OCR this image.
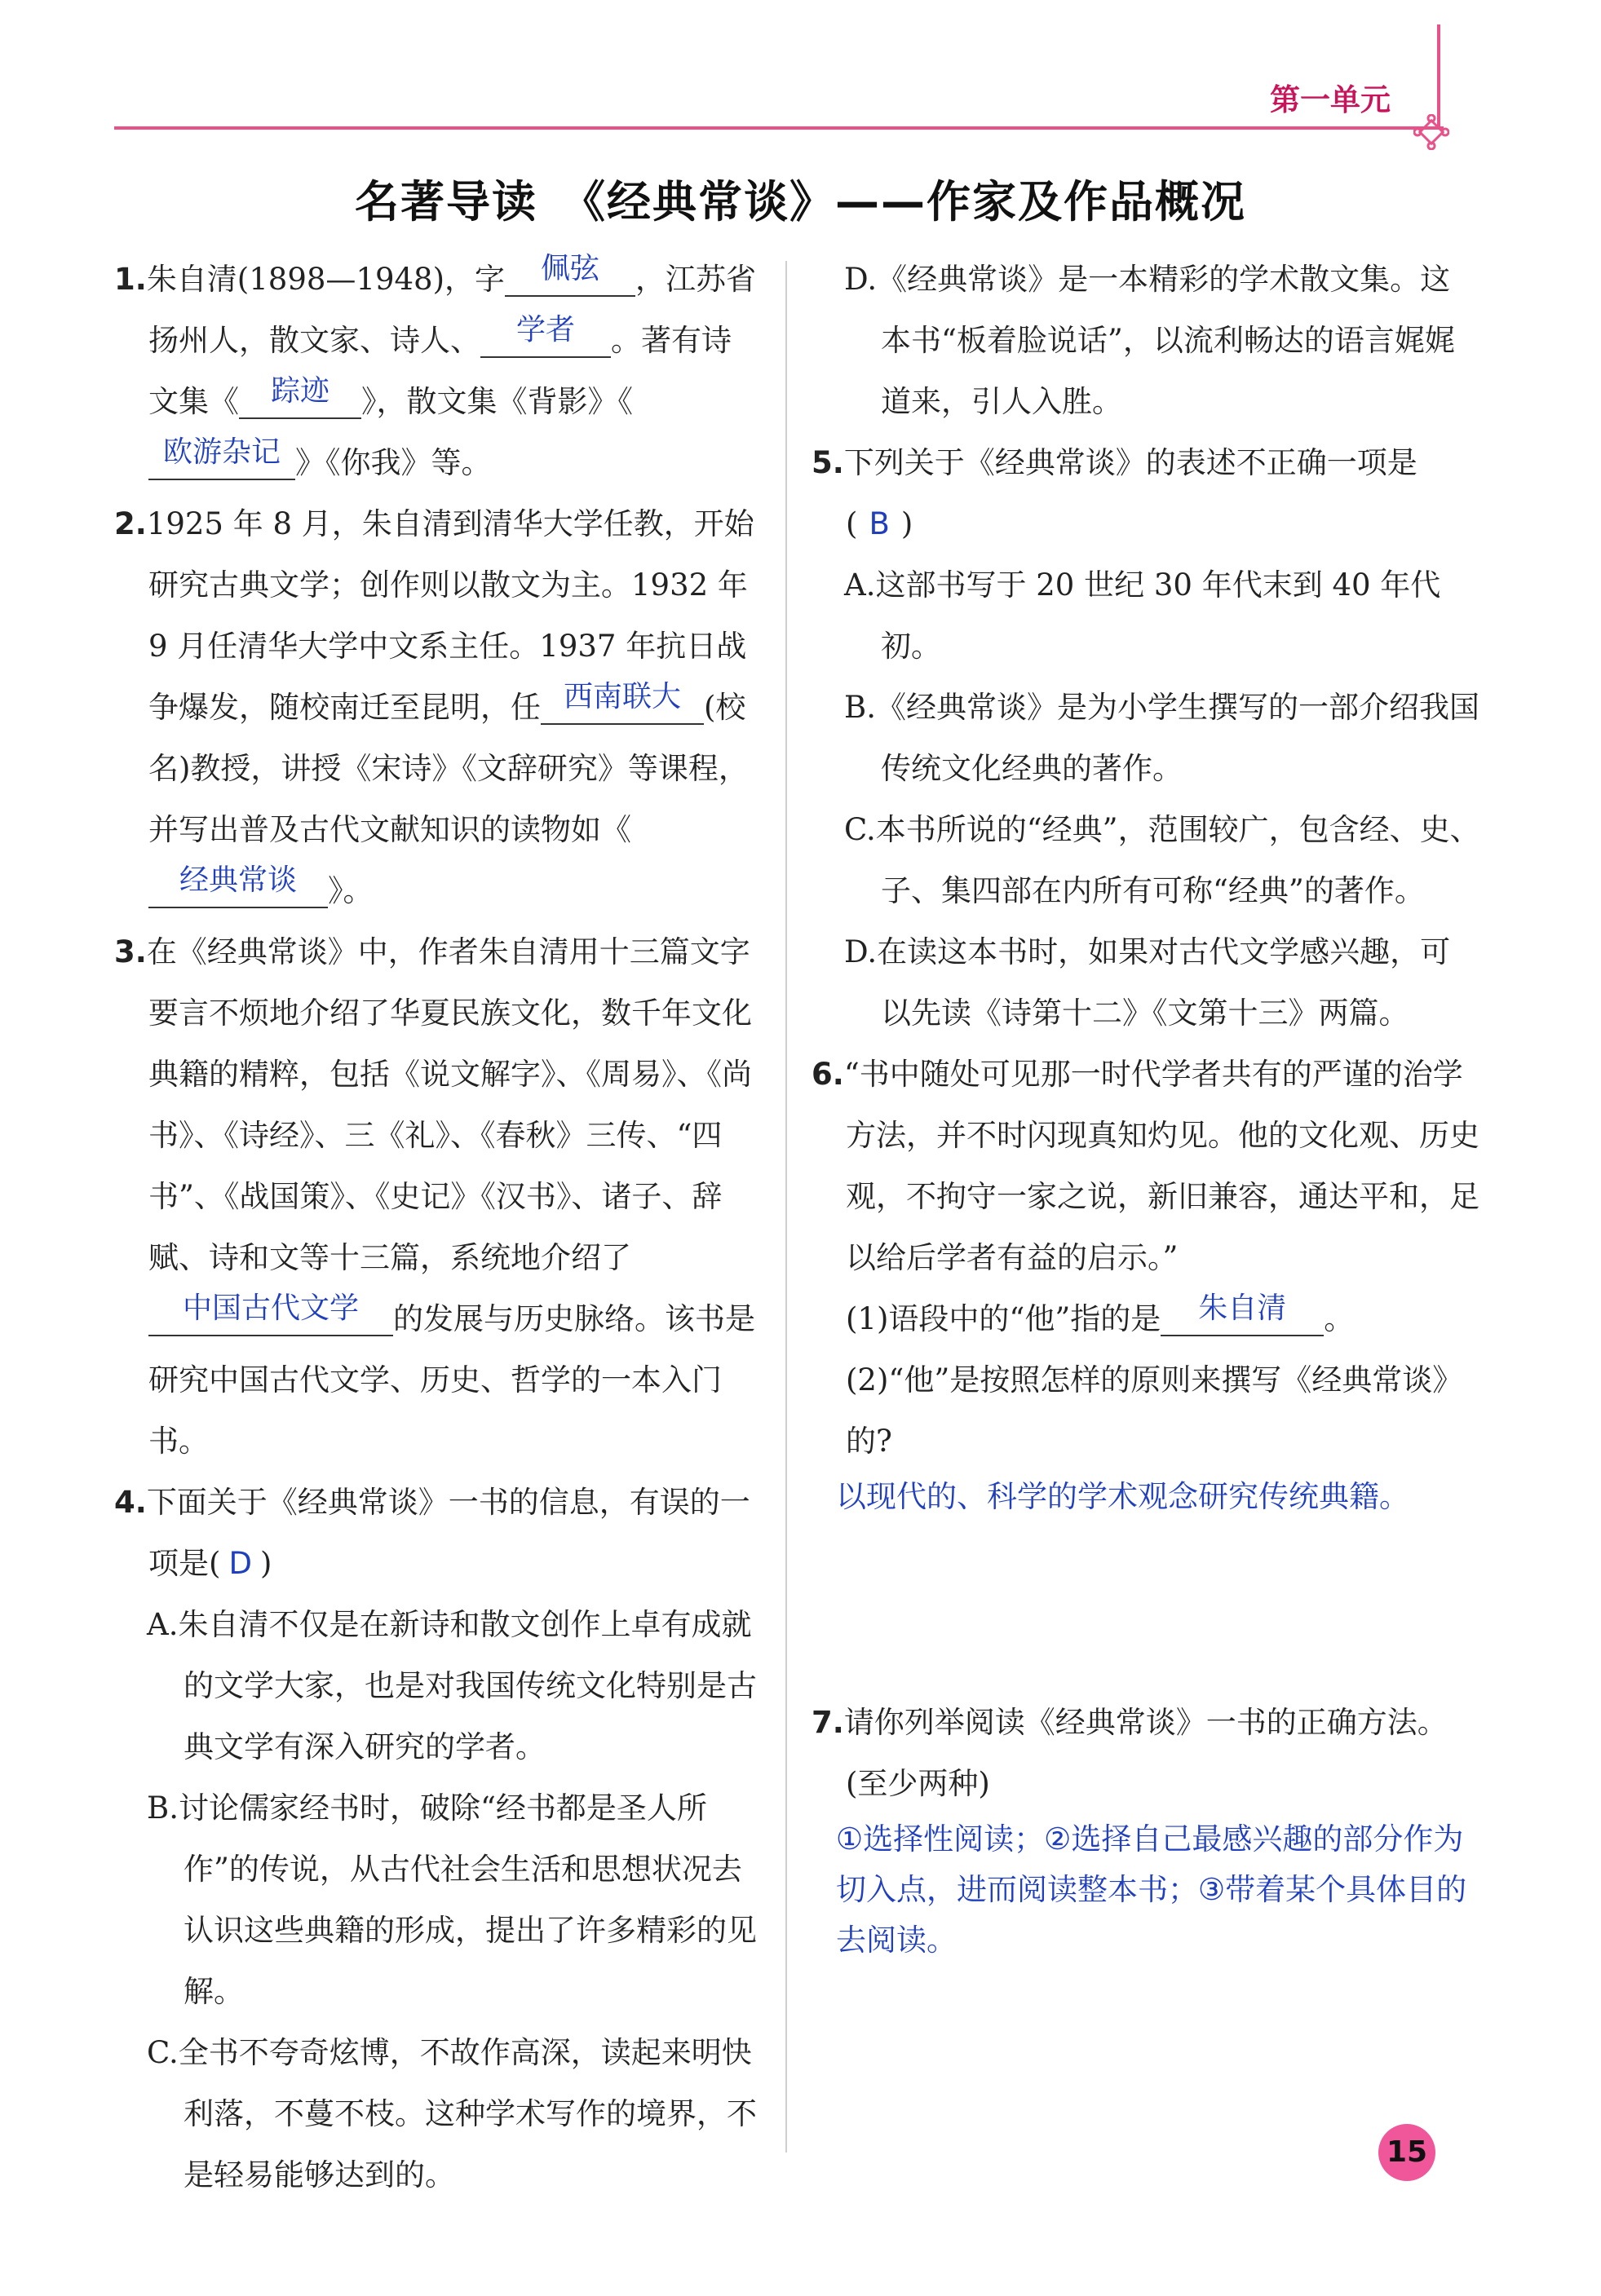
第一单元
名著导读　《经典常谈》——作家及作品概况

1.朱自清(1898—1948)，字 佩弦 ，江苏省扬州人，散文家、诗人、 学者 。著有诗文集《 踪迹 》，散文集《背影》《欧游杂记 》《你我》等。

2.1925 年 8 月，朱自清到清华大学任教，开始研究古典文学；创作则以散文为主。1932 年 9 月任清华大学中文系主任。1937 年抗日战争爆发，随校南迁至昆明，任 西南联大 (校名)教授，讲授《宋诗》《文辞研究》等课程，并写出普及古代文献知识的读物如《经典常谈 》。

3.在《经典常谈》中，作者朱自清用十三篇文字要言不烦地介绍了华夏民族文化，数千年文化典籍的精粹，包括《说文解字》、《周易》、《尚书》、《诗经》、三《礼》、《春秋》三传、“四书”、《战国策》、《史记》《汉书》、诸子、辞赋、诗和文等十三篇，系统地介绍了中国古代文学 的发展与历史脉络。该书是研究中国古代文学、历史、哲学的一本入门书。

4.下面关于《经典常谈》一书的信息，有误的一项是( D )

A.朱自清不仅是在新诗和散文创作上卓有成就的文学大家，也是对我国传统文化特别是古典文学有深入研究的学者。

B.讨论儒家经书时，破除“经书都是圣人所作”的传说，从古代社会生活和思想状况去认识这些典籍的形成，提出了许多精彩的见解。

C.全书不夸奇炫博，不故作高深，读起来明快利落，不蔓不枝。这种学术写作的境界，不是轻易能够达到的。

D.《经典常谈》是一本精彩的学术散文集。这本书“板着脸说话”，以流利畅达的语言娓娓道来，引人入胜。

5.下列关于《经典常谈》的表述不正确一项是
( B )

A.这部书写于 20 世纪 30 年代末到 40 年代初。

B.《经典常谈》是为小学生撰写的一部介绍我国传统文化经典的著作。

C.本书所说的“经典”，范围较广，包含经、史、子、集四部在内所有可称“经典”的著作。

D.在读这本书时，如果对古代文学感兴趣，可以先读《诗第十二》《文第十三》两篇。

6.“书中随处可见那一时代学者共有的严谨的治学方法，并不时闪现真知灼见。他的文化观、历史观，不拘守一家之说，新旧兼容，通达平和，足以给后学者有益的启示。”

(1)语段中的“他”指的是 朱自清 。

(2)“他”是按照怎样的原则来撰写《经典常谈》的?

以现代的、科学的学术观念研究传统典籍。

7.请你列举阅读《经典常谈》一书的正确方法。

(至少两种)

①选择性阅读；②选择自己最感兴趣的部分作为切入点，进而阅读整本书；③带着某个具体目的去阅读。

15
